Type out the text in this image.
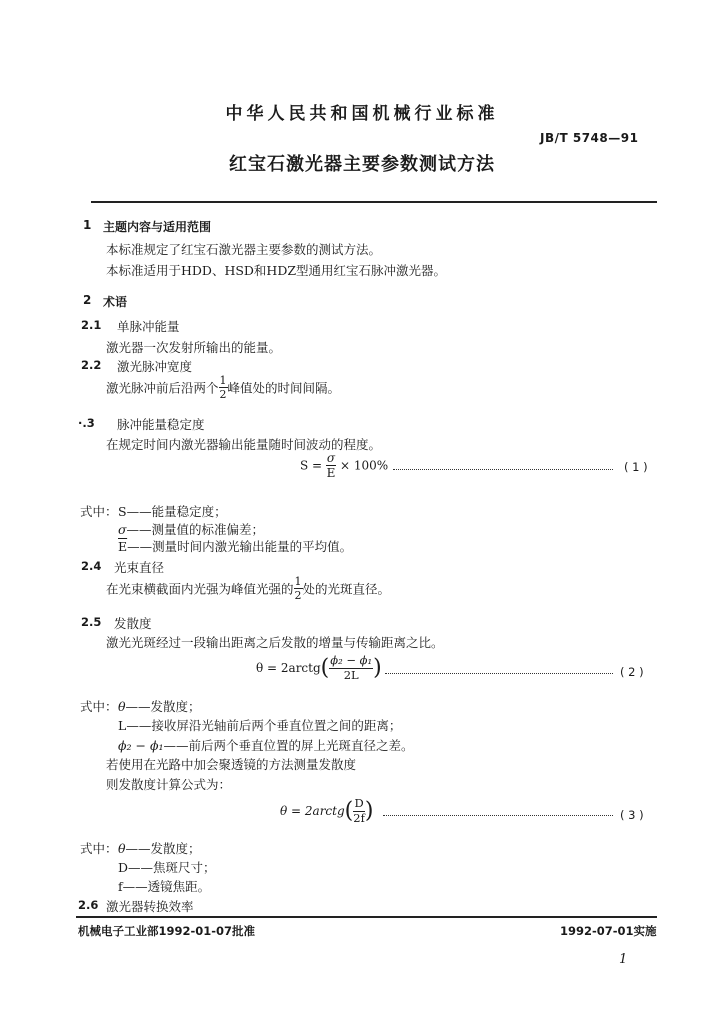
中华人民共和国机械行业标准
JB/T 5748—91
红宝石激光器主要参数测试方法
1 主题内容与适用范围
本标准规定了红宝石激光器主要参数的测试方法。
本标准适用于HDD、HSD和HDZ型通用红宝石脉冲激光器。
2 术语
2.1 单脉冲能量
激光器一次发射所输出的能量。
2.2 激光脉冲宽度
激光脉冲前后沿两个 $\frac{1}{2}$ 峰值处的时间间隔。
·.3 脉冲能量稳定度
在规定时间内激光器输出能量随时间波动的程度。
$S = \frac{\sigma}{E} \times 100\%$	( 1 )
式中： S——能量稳定度；
σ——测量值的标准偏差；
$\overline{E}——$测量时间内激光输出能量的平均值。
2.4 光束直径
在光束横截面内光强为峰值光强的 $\frac{1}{2}$ 处的光斑直径。
2.5 发散度
激光光斑经过一段输出距离之后发散的增量与传输距离之比。
θ = 2arctg( $\frac{\text{ϕ₂ − ϕ₁}}{2L}$ )	( 2 )
式中： θ——发散度；
L——接收屏沿光轴前后两个垂直位置之间的距离；
ϕ₂ − ϕ₁——前后两个垂直位置的屏上光斑直径之差。
若使用在光路中加会聚透镜的方法测量发散度
则发散度计算公式为：
θ = 2arctg( $\frac{D}{2f}$ )	( 3 )
式中： θ——发散度；
D——焦斑尺寸；
f——透镜焦距。
2.6 激光器转换效率
机械电子工业部1992-01-07批准	1992-07-01实施
1
